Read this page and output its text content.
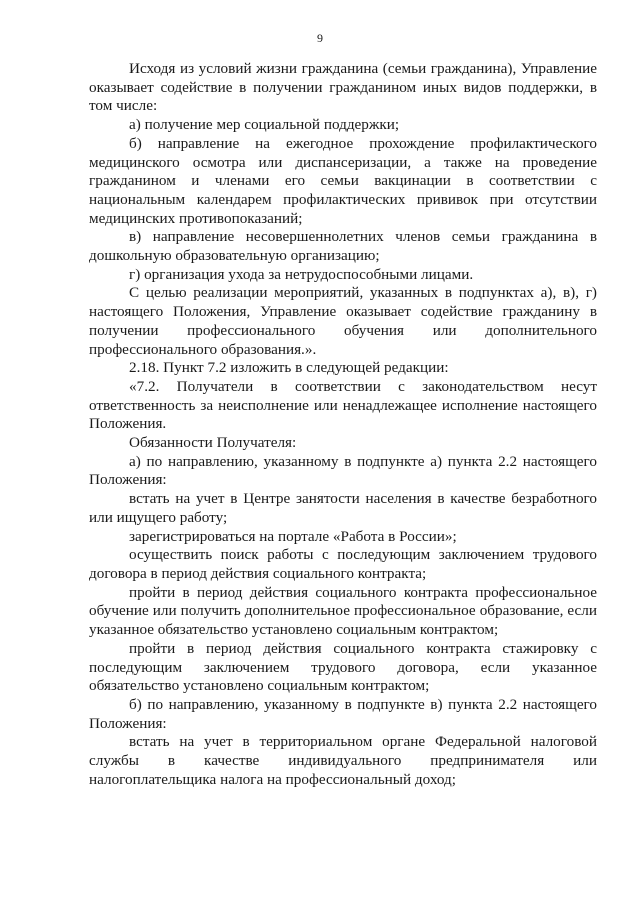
9

Исходя из условий жизни гражданина (семьи гражданина), Управление оказывает содействие в получении гражданином иных видов поддержки, в том числе:

а) получение мер социальной поддержки;

б) направление на ежегодное прохождение профилактического медицинского осмотра или диспансеризации, а также на проведение гражданином и членами его семьи вакцинации в соответствии с национальным календарем профилактических прививок при отсутствии медицинских противопоказаний;

в) направление несовершеннолетних членов семьи гражданина в дошкольную образовательную организацию;

г) организация ухода за нетрудоспособными лицами.

С целью реализации мероприятий, указанных в подпунктах а), в), г) настоящего Положения, Управление оказывает содействие гражданину в получении профессионального обучения или дополнительного профессионального образования.».

2.18. Пункт 7.2 изложить в следующей редакции:

«7.2. Получатели в соответствии с законодательством несут ответственность за неисполнение или ненадлежащее исполнение настоящего Положения.

Обязанности Получателя:

а) по направлению, указанному в подпункте а) пункта 2.2 настоящего Положения:

встать на учет в Центре занятости населения в качестве безработного или ищущего работу;

зарегистрироваться на портале «Работа в России»;

осуществить поиск работы с последующим заключением трудового договора в период действия социального контракта;

пройти в период действия социального контракта профессиональное обучение или получить дополнительное профессиональное образование, если указанное обязательство установлено социальным контрактом;

пройти в период действия социального контракта стажировку с последующим заключением трудового договора, если указанное обязательство установлено социальным контрактом;

б) по направлению, указанному в подпункте в) пункта 2.2 настоящего Положения:

встать на учет в территориальном органе Федеральной налоговой службы в качестве индивидуального предпринимателя или налогоплательщика налога на профессиональный доход;
